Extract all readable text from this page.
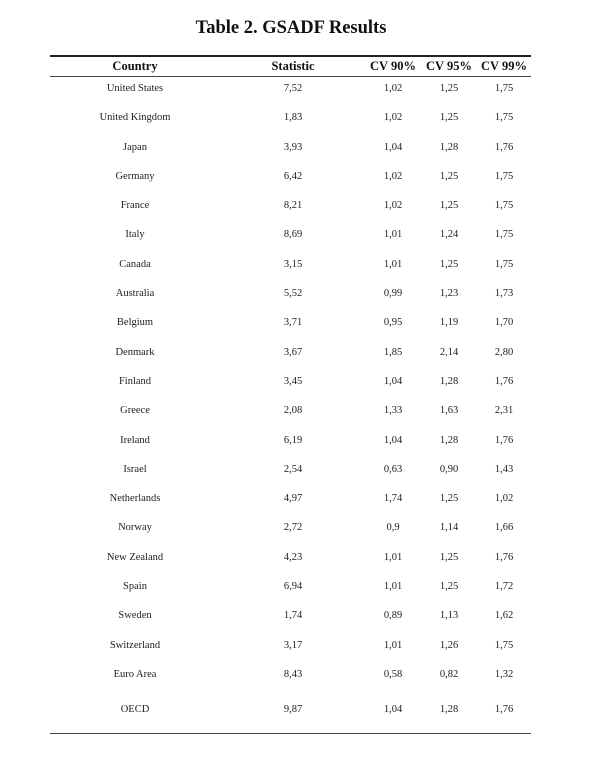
Table 2. GSADF Results
Country	Statistic	CV 90% CV 95% CV 99%
United States	7,52	1,02	1,25	1,75
United Kingdom	1,83	1,02	1,25	1,75
Japan	3,93	1,04	1,28	1,76
Germany	6,42	1,02	1,25	1,75
France	8,21	1,02	1,25	1,75
Italy	8,69	1,01	1,24	1,75
Canada	3,15	1,01	1,25	1,75
Australia	5,52	0,99	1,23	1,73
Belgium	3,71	0,95	1,19	1,70
Denmark	3,67	1,85	2,14	2,80
Finland	3,45	1,04	1,28	1,76
Greece	2,08	1,33	1,63	2,31
Ireland	6,19	1,04	1,28	1,76
Israel	2,54	0,63	0,90	1,43
Netherlands	4,97	1,74	1,25	1,02
Norway	2,72	0,9	1,14	1,66
New Zealand	4,23	1,01	1,25	1,76
Spain	6,94	1,01	1,25	1,72
Sweden	1,74	0,89	1,13	1,62
Switzerland	3,17	1,01	1,26	1,75
Euro Area	8,43	0,58	0,82	1,32
OECD	9,87	1,04	1,28	1,76
